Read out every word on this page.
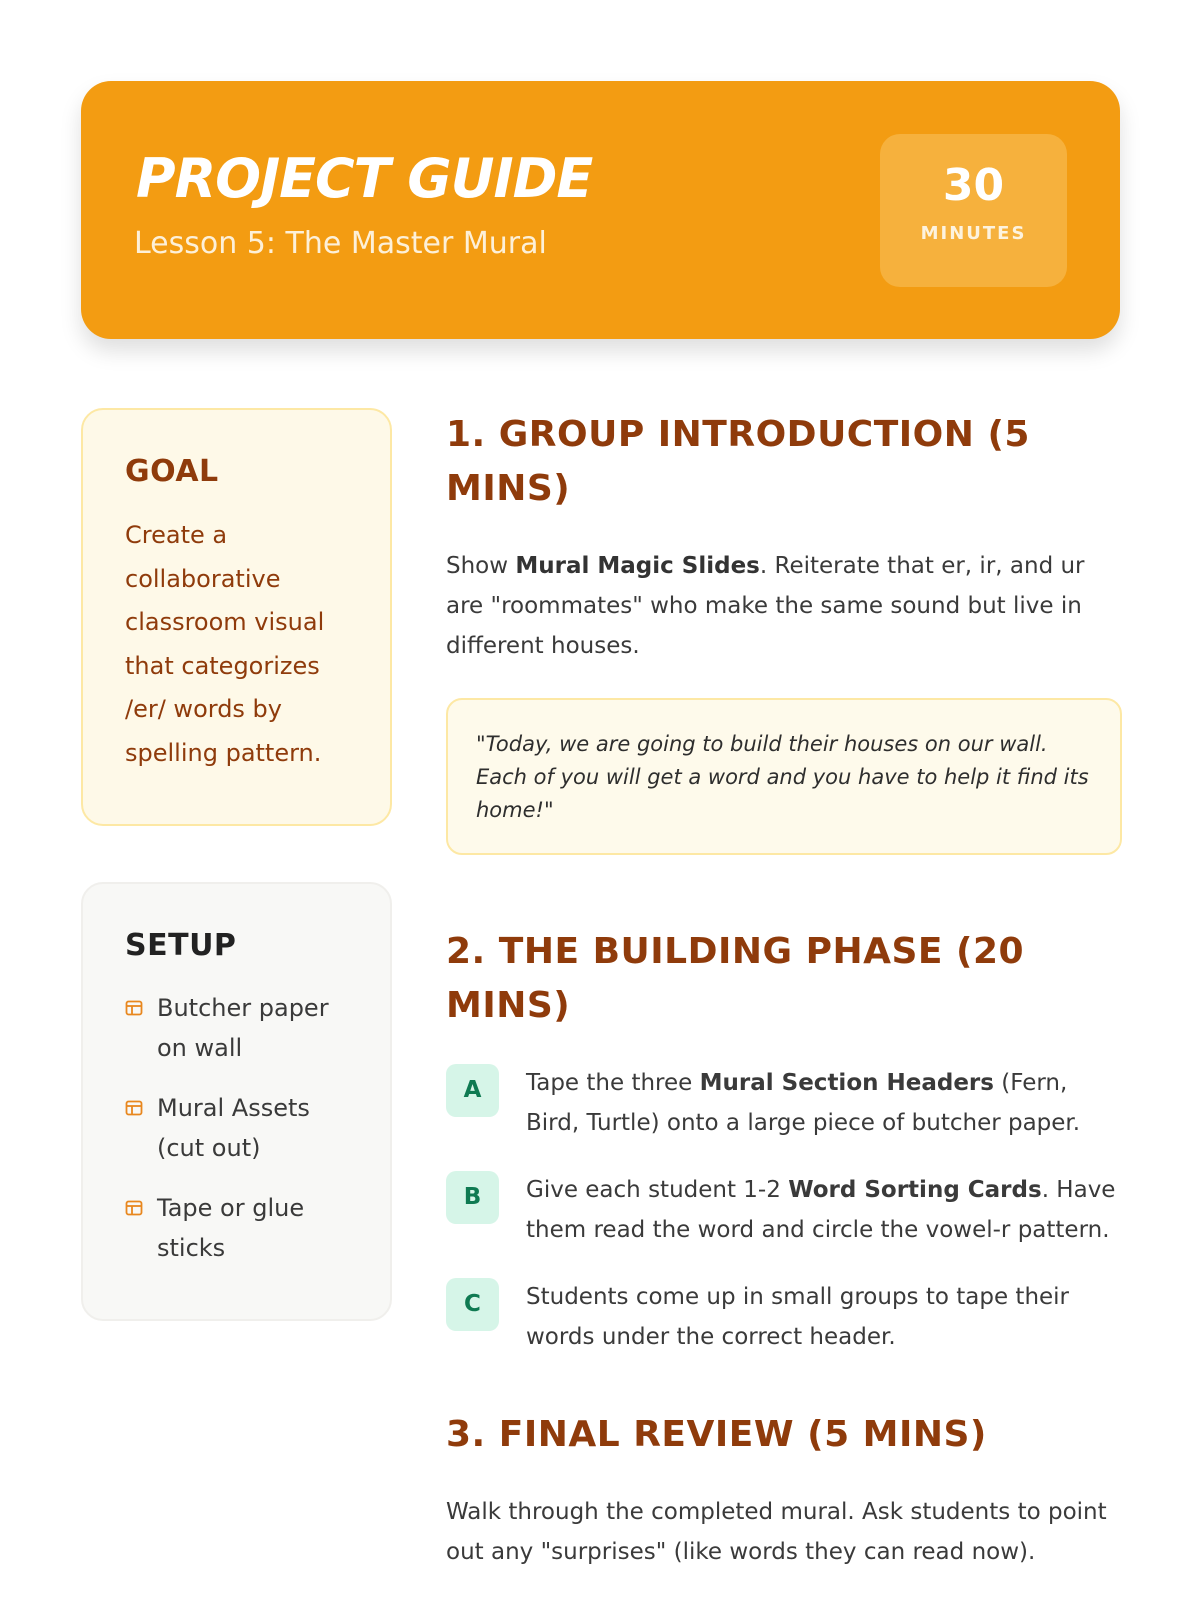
PROJECT GUIDE

Lesson 5: The Master Mural

30
MINUTES
GOAL

Create a collaborative classroom visual that categorizes /er/ words by spelling pattern.

SETUP
Butcher paper on wall
Mural Assets (cut out)
Tape or glue sticks
1. GROUP INTRODUCTION (5 MINS)

Show Mural Magic Slides. Reiterate that er, ir, and ur are "roommates" who make the same sound but live in different houses.

"Today, we are going to build their houses on our wall. Each of you will get a word and you have to help it find its home!"

2. THE BUILDING PHASE (20 MINS)
A	Tape the three Mural Section Headers (Fern, Bird, Turtle) onto a large piece of butcher paper.

B	Give each student 1-2 Word Sorting Cards. Have them read the word and circle the vowel-r pattern.

C	Students come up in small groups to tape their words under the correct header.

3. FINAL REVIEW (5 MINS)

Walk through the completed mural. Ask students to point out any "surprises" (like words they can read now).
